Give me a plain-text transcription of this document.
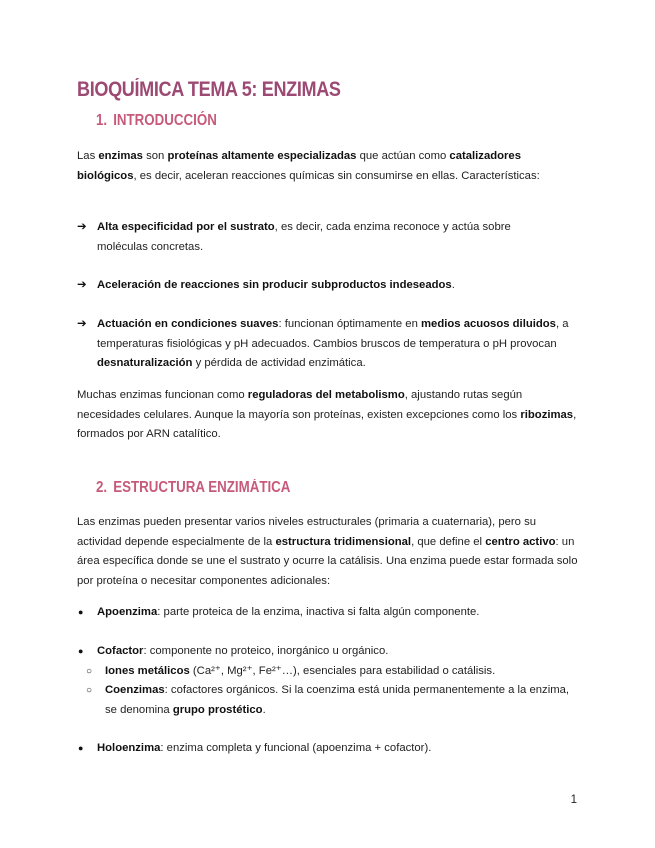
BIOQUÍMICA TEMA 5: ENZIMAS
1. INTRODUCCIÓN

Las enzimas son proteínas altamente especializadas que actúan como catalizadores biológicos, es decir, aceleran reacciones químicas sin consumirse en ellas. Características:

➔ Alta especificidad por el sustrato, es decir, cada enzima reconoce y actúa sobre moléculas concretas.
➔ Aceleración de reacciones sin producir subproductos indeseados.
➔ Actuación en condiciones suaves: funcionan óptimamente en medios acuosos diluidos, a temperaturas fisiológicas y pH adecuados. Cambios bruscos de temperatura o pH provocan desnaturalización y pérdida de actividad enzimática.

Muchas enzimas funcionan como reguladoras del metabolismo, ajustando rutas según necesidades celulares. Aunque la mayoría son proteínas, existen excepciones como los ribozimas, formados por ARN catalítico.

2. ESTRUCTURA ENZIMÁTICA

Las enzimas pueden presentar varios niveles estructurales (primaria a cuaternaria), pero su actividad depende especialmente de la estructura tridimensional, que define el centro activo: un área específica donde se une el sustrato y ocurre la catálisis. Una enzima puede estar formada solo por proteína o necesitar componentes adicionales:

● Apoenzima: parte proteica de la enzima, inactiva si falta algún componente.
● Cofactor: componente no proteico, inorgánico u orgánico.
○ Iones metálicos (Ca²⁺, Mg²⁺, Fe²⁺…), esenciales para estabilidad o catálisis.
○ Coenzimas: cofactores orgánicos. Si la coenzima está unida permanentemente a la enzima, se denomina grupo prostético.
● Holoenzima: enzima completa y funcional (apoenzima + cofactor).
1
